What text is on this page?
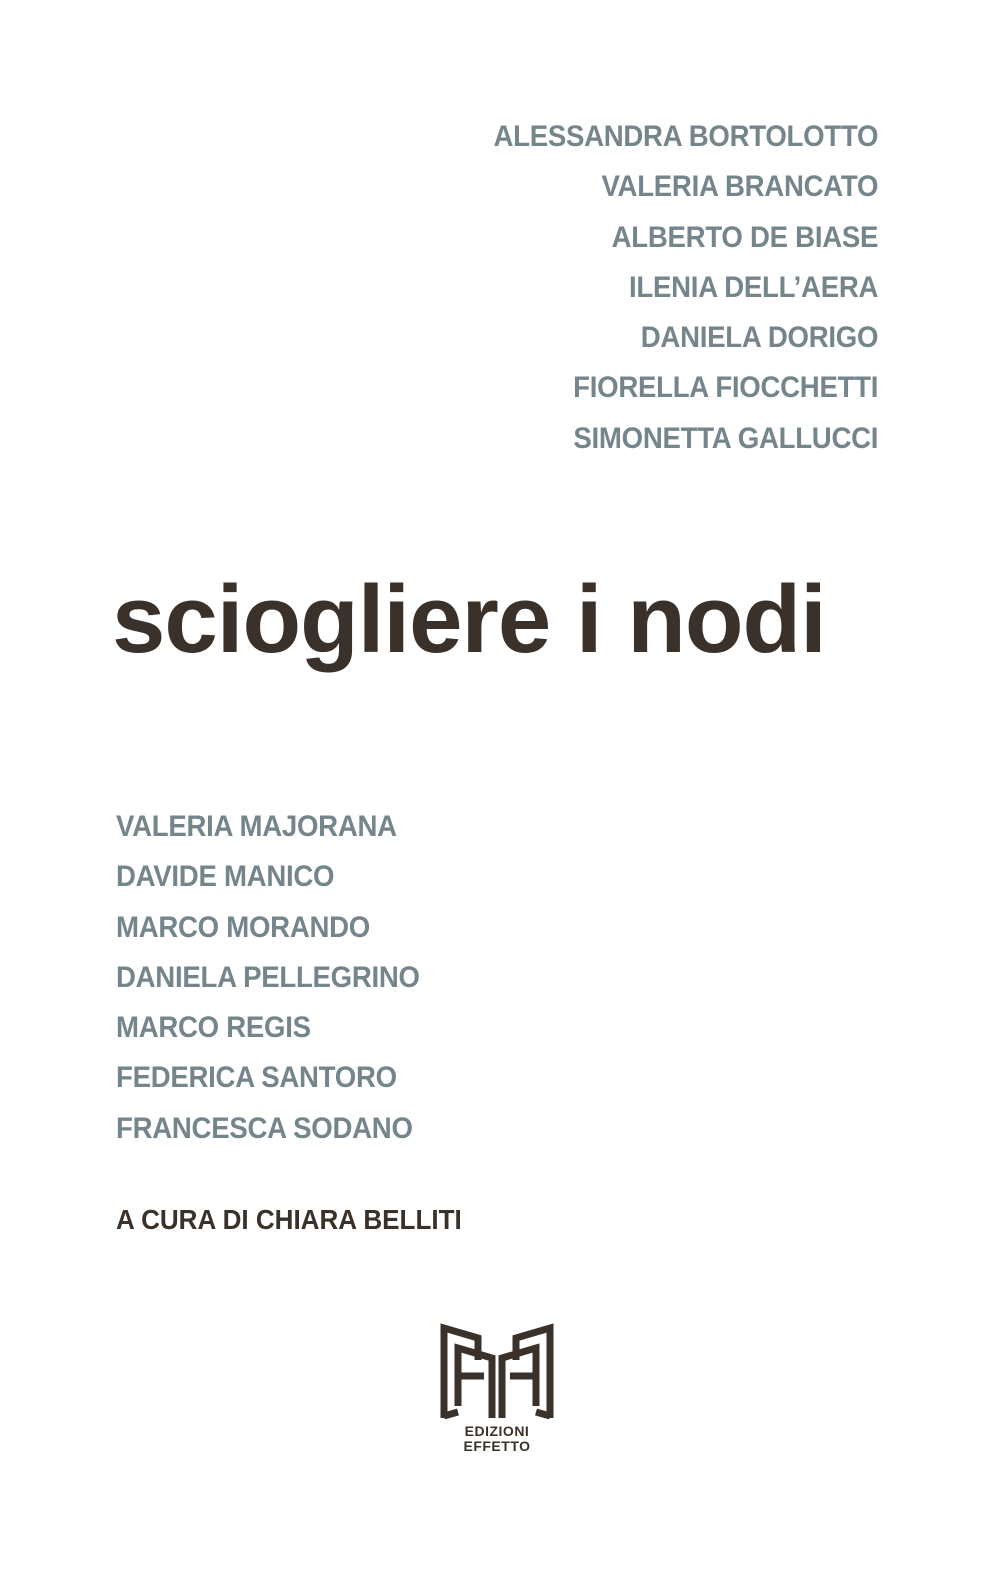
ALESSANDRA BORTOLOTTO
VALERIA BRANCATO
ALBERTO DE BIASE
ILENIA DELL’AERA
DANIELA DORIGO
FIORELLA FIOCCHETTI
SIMONETTA GALLUCCI
sciogliere i nodi
VALERIA MAJORANA
DAVIDE MANICO
MARCO MORANDO
DANIELA PELLEGRINO
MARCO REGIS
FEDERICA SANTORO
FRANCESCA SODANO
A CURA DI CHIARA BELLITI
EDIZIONI
EFFETTO
